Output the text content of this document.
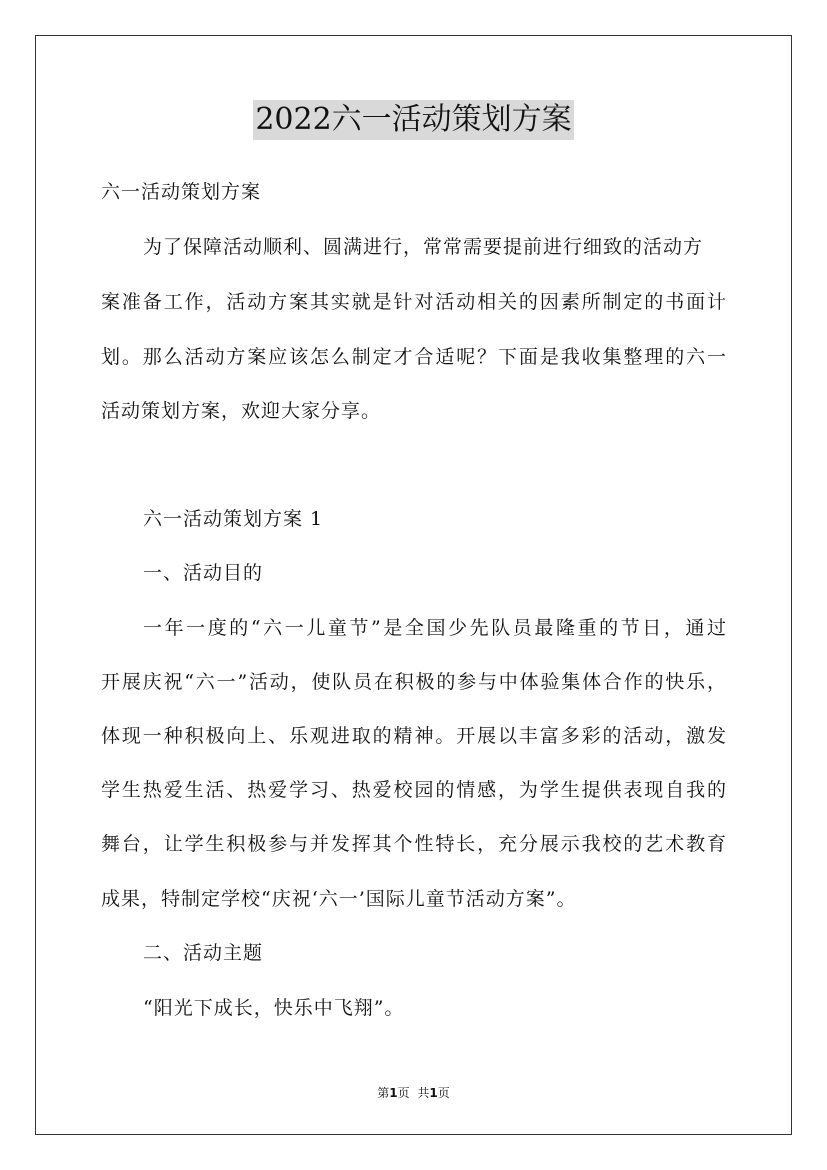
2022六一活动策划方案
六一活动策划方案
为了保障活动顺利、圆满进行，常常需要提前进行细致的活动方
案准备工作，活动方案其实就是针对活动相关的因素所制定的书面计
划。那么活动方案应该怎么制定才合适呢？下面是我收集整理的六一
活动策划方案，欢迎大家分享。
六一活动策划方案 1
一、活动目的
一年一度的“六一儿童节”是全国少先队员最隆重的节日，通过
开展庆祝“六一”活动，使队员在积极的参与中体验集体合作的快乐，
体现一种积极向上、乐观进取的精神。开展以丰富多彩的活动，激发
学生热爱生活、热爱学习、热爱校园的情感，为学生提供表现自我的
舞台，让学生积极参与并发挥其个性特长，充分展示我校的艺术教育
成果，特制定学校“庆祝‘六一’国际儿童节活动方案”。
二、活动主题
“阳光下成长，快乐中飞翔”。
第1页 共1页
